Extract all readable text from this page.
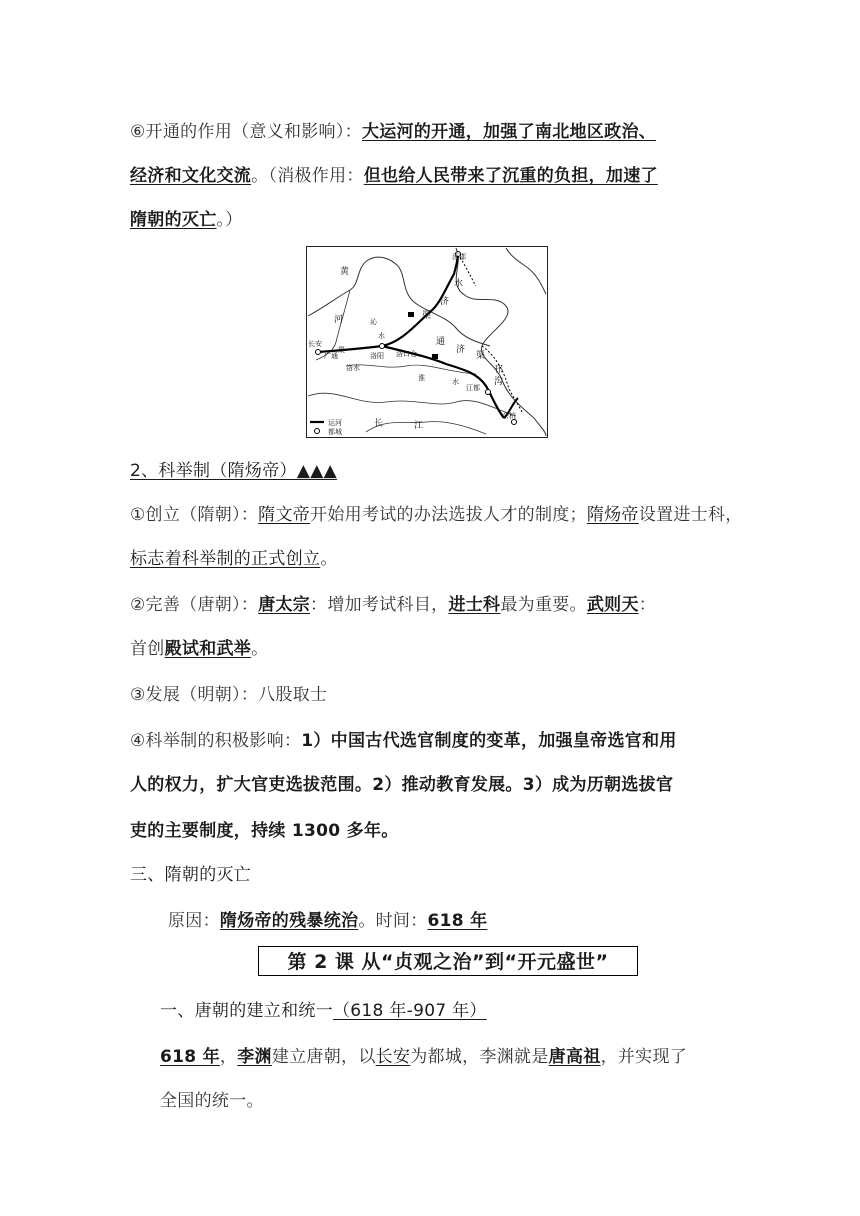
⑥开通的作用（意义和影响）：大运河的开通，加强了南北地区政治、
经济和文化交流。（消极作用：但也给人民带来了沉重的负担，加速了
隋朝的灭亡。）
涿郡
黄
河
水
济
沁
渠
水
长安
广通
渠
洛阳 洛口仓
通
济
渠
洛水
淮	水
江都
邗
沟
长	江
余杭
运河
都城
2、科举制（隋炀帝）▲▲▲
①创立（隋朝）：隋文帝开始用考试的办法选拔人才的制度；隋炀帝设置进士科，
标志着科举制的正式创立。
②完善（唐朝）：唐太宗：增加考试科目，进士科最为重要。武则天：
首创殿试和武举。
③发展（明朝）：八股取士
④科举制的积极影响：1）中国古代选官制度的变革，加强皇帝选官和用
人的权力，扩大官吏选拔范围。2）推动教育发展。3）成为历朝选拔官
吏的主要制度，持续 1300 多年。
三、隋朝的灭亡
原因：隋炀帝的残暴统治。时间：618 年
第 2 课 从“贞观之治”到“开元盛世”
一、唐朝的建立和统一（618 年-907 年）
618 年，李渊建立唐朝，以长安为都城，李渊就是唐高祖，并实现了
全国的统一。
